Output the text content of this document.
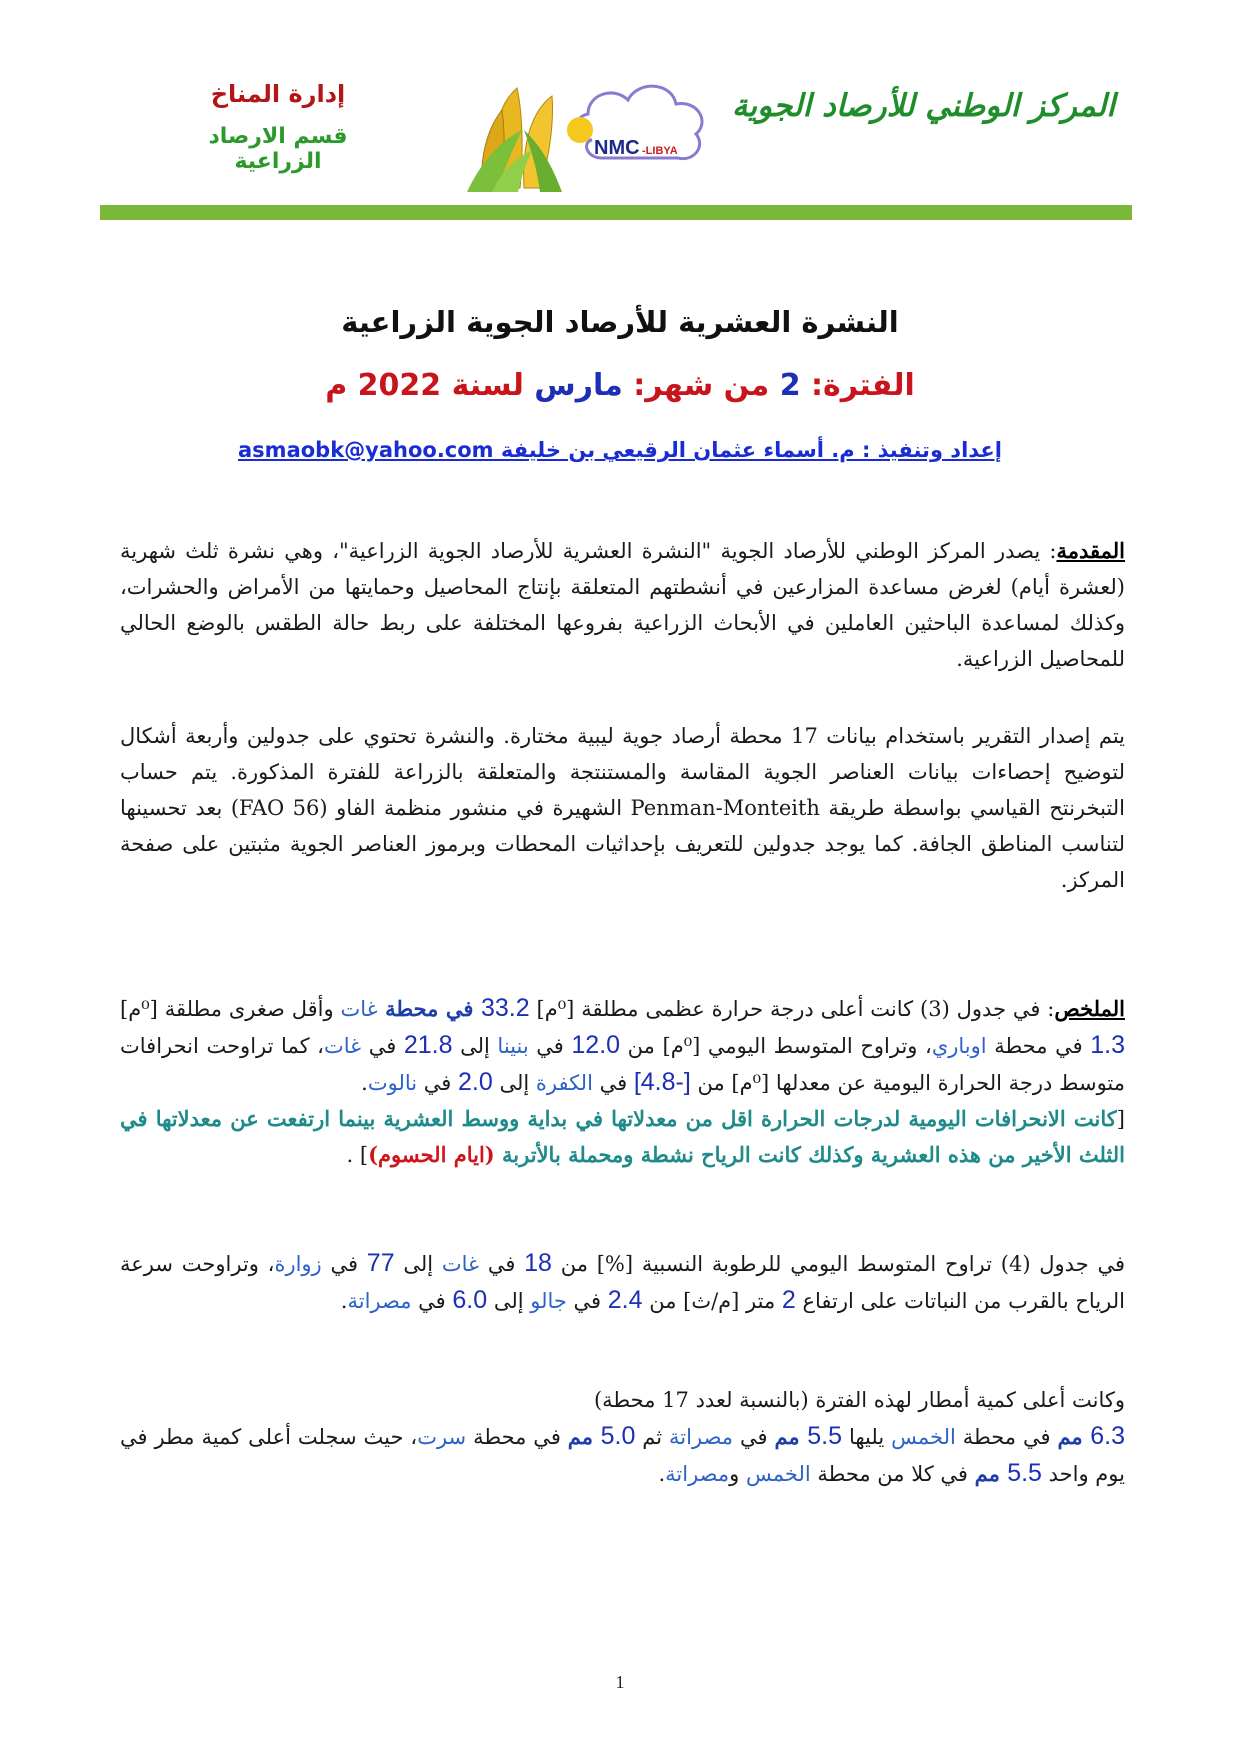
المركز الوطني للأرصاد الجوية
إدارة المناخ
قسم الارصاد الزراعية
NMC -LIBYA
النشرة العشرية للأرصاد الجوية الزراعية
الفترة: 2 من شهر: مارس لسنة 2022 م
إعداد وتنفيذ : م. أسماء عثمان الرقيعي بن خليفة asmaobk@yahoo.com
المقدمة: يصدر المركز الوطني للأرصاد الجوية "النشرة العشرية للأرصاد الجوية الزراعية"، وهي نشرة ثلث شهرية (لعشرة أيام) لغرض مساعدة المزارعين في أنشطتهم المتعلقة بإنتاج المحاصيل وحمايتها من الأمراض والحشرات، وكذلك لمساعدة الباحثين العاملين في الأبحاث الزراعية بفروعها المختلفة على ربط حالة الطقس بالوضع الحالي للمحاصيل الزراعية.
يتم إصدار التقرير باستخدام بيانات 17 محطة أرصاد جوية ليبية مختارة. والنشرة تحتوي على جدولين وأربعة أشكال لتوضيح إحصاءات بيانات العناصر الجوية المقاسة والمستنتجة والمتعلقة بالزراعة للفترة المذكورة. يتم حساب التبخرنتح القياسي بواسطة طريقة Penman-Monteith الشهيرة في منشور منظمة الفاو (FAO 56) بعد تحسينها لتناسب المناطق الجافة. كما يوجد جدولين للتعريف بإحداثيات المحطات وبرموز العناصر الجوية مثبتين على صفحة المركز.
الملخص: في جدول (3) كانت أعلى درجة حرارة عظمى مطلقة [⁰م] 33.2 في محطة غات وأقل صغرى مطلقة [⁰م] 1.3 في محطة اوباري، وتراوح المتوسط اليومي [⁰م] من 12.0 في بنينا إلى 21.8 في غات، كما تراوحت انحرافات متوسط درجة الحرارة اليومية عن معدلها [⁰م] من [-4.8] في الكفرة إلى 2.0 في نالوت.
[كانت الانحرافات اليومية لدرجات الحرارة اقل من معدلاتها في بداية ووسط العشرية بينما ارتفعت عن معدلاتها في الثلث الأخير من هذه العشرية وكذلك كانت الرياح نشطة ومحملة بالأتربة (ايام الحسوم)] .
في جدول (4) تراوح المتوسط اليومي للرطوبة النسبية [%] من 18 في غات إلى 77 في زوارة، وتراوحت سرعة الرياح بالقرب من النباتات على ارتفاع 2 متر [م/ث] من 2.4 في جالو إلى 6.0 في مصراتة.
وكانت أعلى كمية أمطار لهذه الفترة (بالنسبة لعدد 17 محطة)
6.3 مم في محطة الخمس يليها 5.5 مم في مصراتة ثم 5.0 مم في محطة سرت، حيث سجلت أعلى كمية مطر في يوم واحد 5.5 مم في كلا من محطة الخمس ومصراتة.
1
